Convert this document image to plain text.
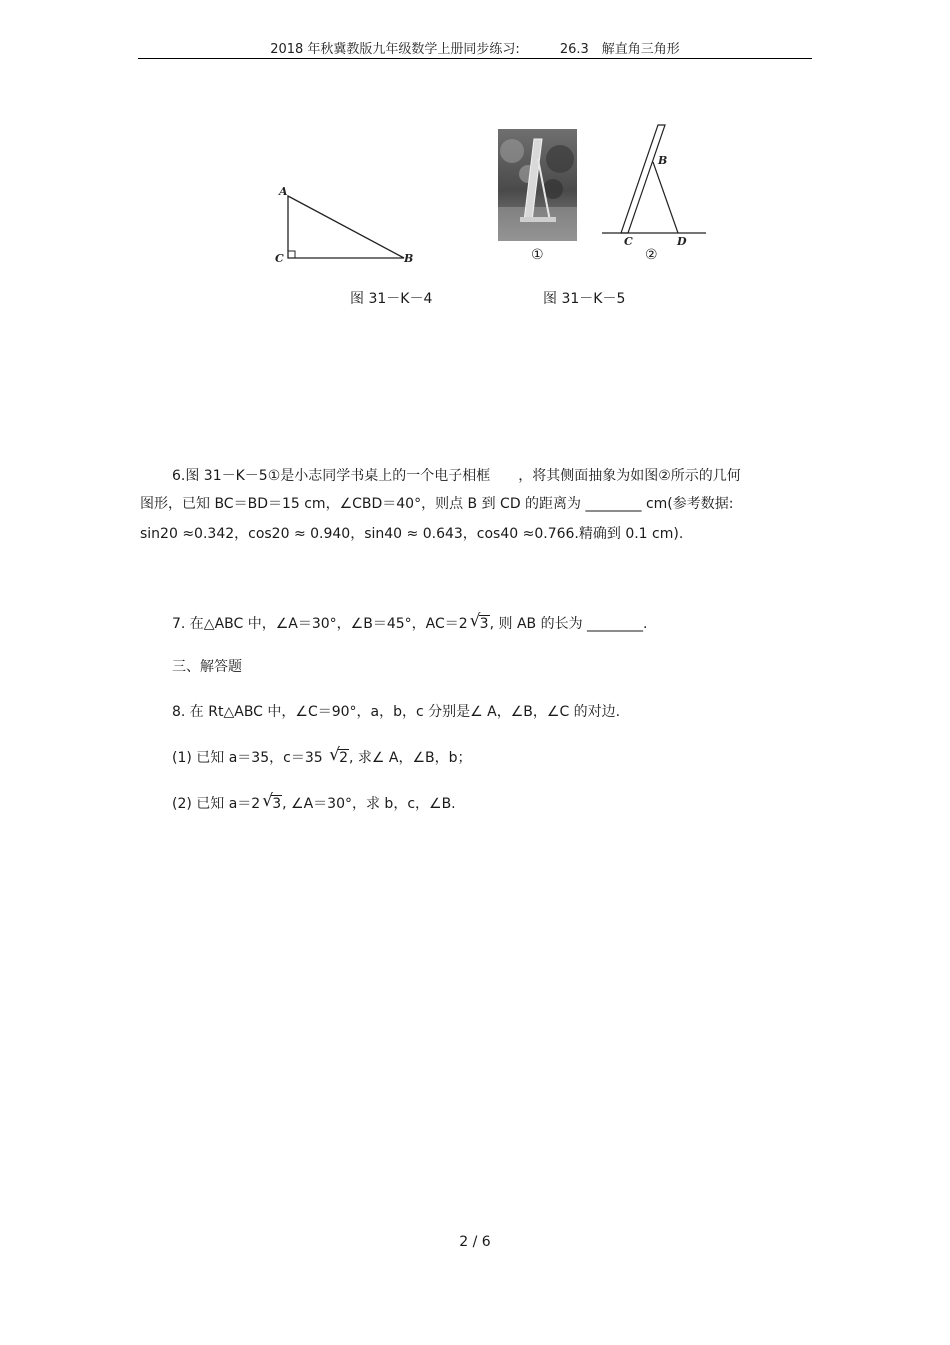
2018 年秋冀教版九年级数学上册同步练习:	26.3　解直角三角形
A
C	B
图 31－K－4
①
B
C	D
②
图 31－K－5
6.图 31－K－5①是小志同学书桌上的一个电子相框　　，将其侧面抽象为如图②所示的几何
图形，已知 BC＝BD＝15 cm，∠CBD＝40°，则点 B 到 CD 的距离为 ________ cm(参考数据:
sin20 ≈0.342，cos20 ≈ 0.940，sin40 ≈ 0.643，cos40 ≈0.766.精确到 0.1 cm).
7. 在△ABC 中，∠A＝30°，∠B＝45°，AC＝2 √ 3, 则 AB 的长为 ________.
三、解答题
8. 在 Rt△ABC 中，∠C＝90°，a，b，c 分别是∠ A，∠B，∠C 的对边.
(1) 已知 a＝35，c＝35 √ 2, 求∠ A，∠B，b；
(2) 已知 a＝2 √ 3, ∠A＝30°，求 b，c，∠B.
2 / 6
